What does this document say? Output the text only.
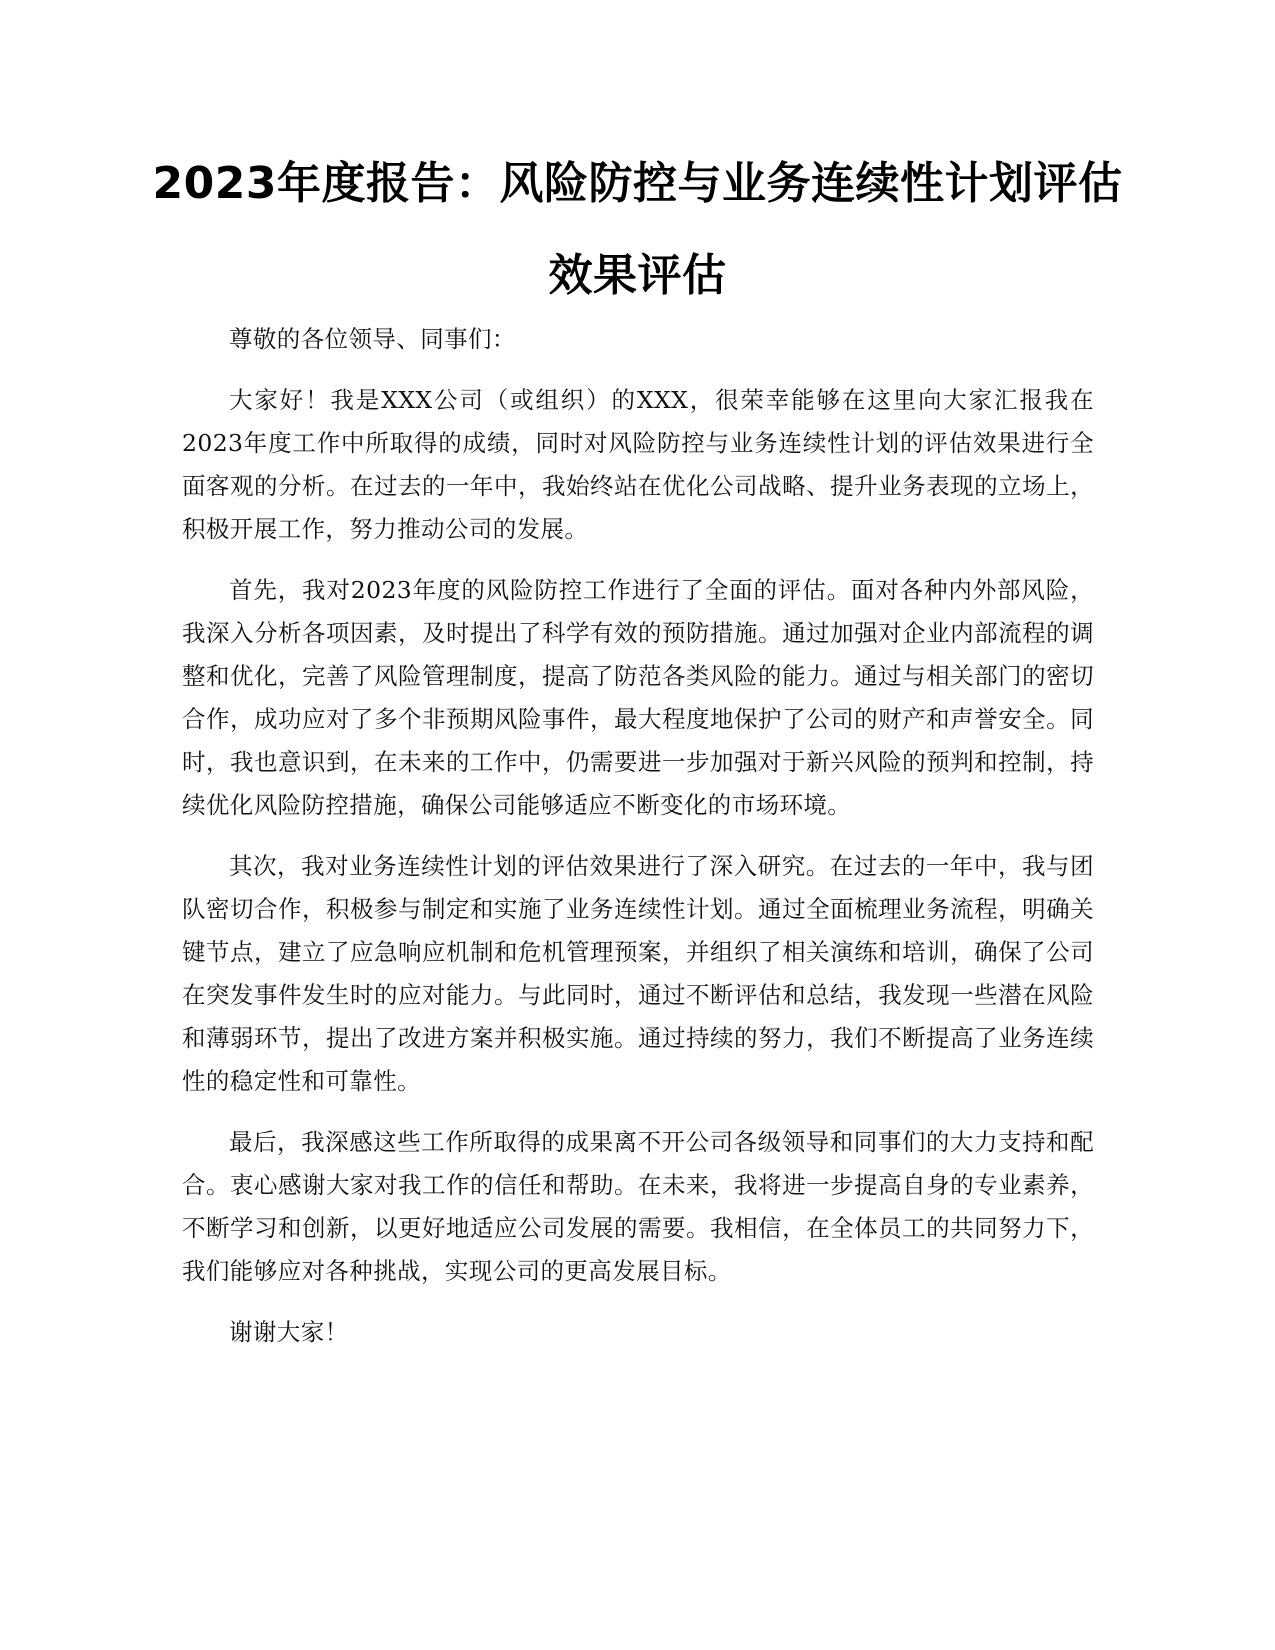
2023年度报告：风险防控与业务连续性计划评估效果评估

尊敬的各位领导、同事们：

大家好！我是XXX公司（或组织）的XXX，很荣幸能够在这里向大家汇报我在2023年度工作中所取得的成绩，同时对风险防控与业务连续性计划的评估效果进行全面客观的分析。在过去的一年中，我始终站在优化公司战略、提升业务表现的立场上，积极开展工作，努力推动公司的发展。

首先，我对2023年度的风险防控工作进行了全面的评估。面对各种内外部风险，我深入分析各项因素，及时提出了科学有效的预防措施。通过加强对企业内部流程的调整和优化，完善了风险管理制度，提高了防范各类风险的能力。通过与相关部门的密切合作，成功应对了多个非预期风险事件，最大程度地保护了公司的财产和声誉安全。同时，我也意识到，在未来的工作中，仍需要进一步加强对于新兴风险的预判和控制，持续优化风险防控措施，确保公司能够适应不断变化的市场环境。

其次，我对业务连续性计划的评估效果进行了深入研究。在过去的一年中，我与团队密切合作，积极参与制定和实施了业务连续性计划。通过全面梳理业务流程，明确关键节点，建立了应急响应机制和危机管理预案，并组织了相关演练和培训，确保了公司在突发事件发生时的应对能力。与此同时，通过不断评估和总结，我发现一些潜在风险和薄弱环节，提出了改进方案并积极实施。通过持续的努力，我们不断提高了业务连续性的稳定性和可靠性。

最后，我深感这些工作所取得的成果离不开公司各级领导和同事们的大力支持和配合。衷心感谢大家对我工作的信任和帮助。在未来，我将进一步提高自身的专业素养，不断学习和创新，以更好地适应公司发展的需要。我相信，在全体员工的共同努力下，我们能够应对各种挑战，实现公司的更高发展目标。

谢谢大家！
